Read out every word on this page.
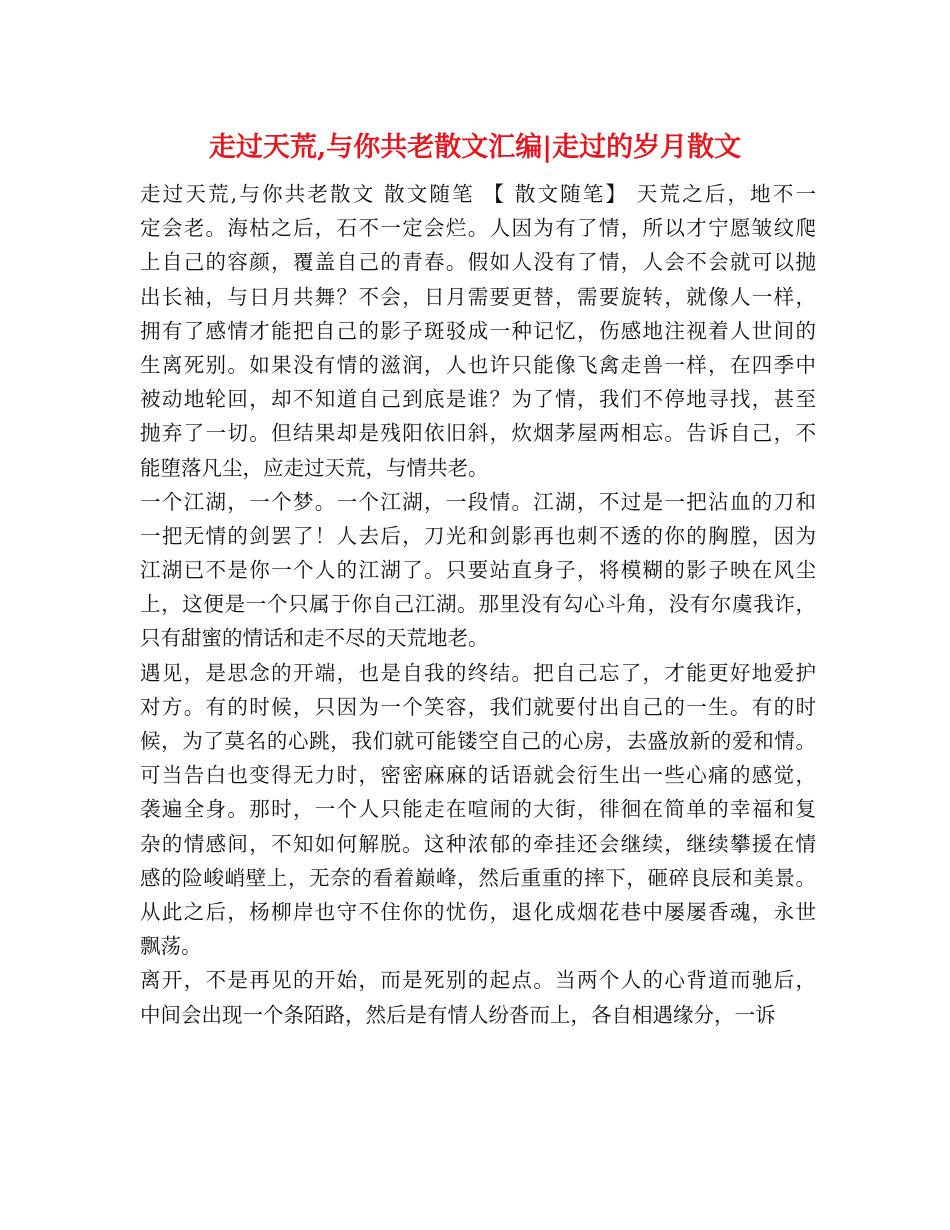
走过天荒,与你共老散文汇编|走过的岁月散文
走过天荒,与你共老散文 散文随笔 【 散文随笔】 天荒之后，地不一
定会老。海枯之后，石不一定会烂。人因为有了情，所以才宁愿皱纹爬
上自己的容颜，覆盖自己的青春。假如人没有了情，人会不会就可以抛
出长袖，与日月共舞？不会，日月需要更替，需要旋转，就像人一样，
拥有了感情才能把自己的影子斑驳成一种记忆，伤感地注视着人世间的
生离死别。如果没有情的滋润，人也许只能像飞禽走兽一样，在四季中
被动地轮回，却不知道自己到底是谁？为了情，我们不停地寻找，甚至
抛弃了一切。但结果却是残阳依旧斜，炊烟茅屋两相忘。告诉自己，不
能堕落凡尘，应走过天荒，与情共老。
一个江湖，一个梦。一个江湖，一段情。江湖，不过是一把沾血的刀和
一把无情的剑罢了！人去后，刀光和剑影再也刺不透的你的胸膛，因为
江湖已不是你一个人的江湖了。只要站直身子，将模糊的影子映在风尘
上，这便是一个只属于你自己江湖。那里没有勾心斗角，没有尔虞我诈，
只有甜蜜的情话和走不尽的天荒地老。
遇见，是思念的开端，也是自我的终结。把自己忘了，才能更好地爱护
对方。有的时候，只因为一个笑容，我们就要付出自己的一生。有的时
候，为了莫名的心跳，我们就可能镂空自己的心房，去盛放新的爱和情。
可当告白也变得无力时，密密麻麻的话语就会衍生出一些心痛的感觉，
袭遍全身。那时，一个人只能走在喧闹的大街，徘徊在简单的幸福和复
杂的情感间，不知如何解脱。这种浓郁的牵挂还会继续，继续攀援在情
感的险峻峭壁上，无奈的看着巅峰，然后重重的摔下，砸碎良辰和美景。
从此之后，杨柳岸也守不住你的忧伤，退化成烟花巷中屡屡香魂，永世
飘荡。
离开，不是再见的开始，而是死别的起点。当两个人的心背道而驰后，
中间会出现一个条陌路，然后是有情人纷沓而上，各自相遇缘分，一诉
